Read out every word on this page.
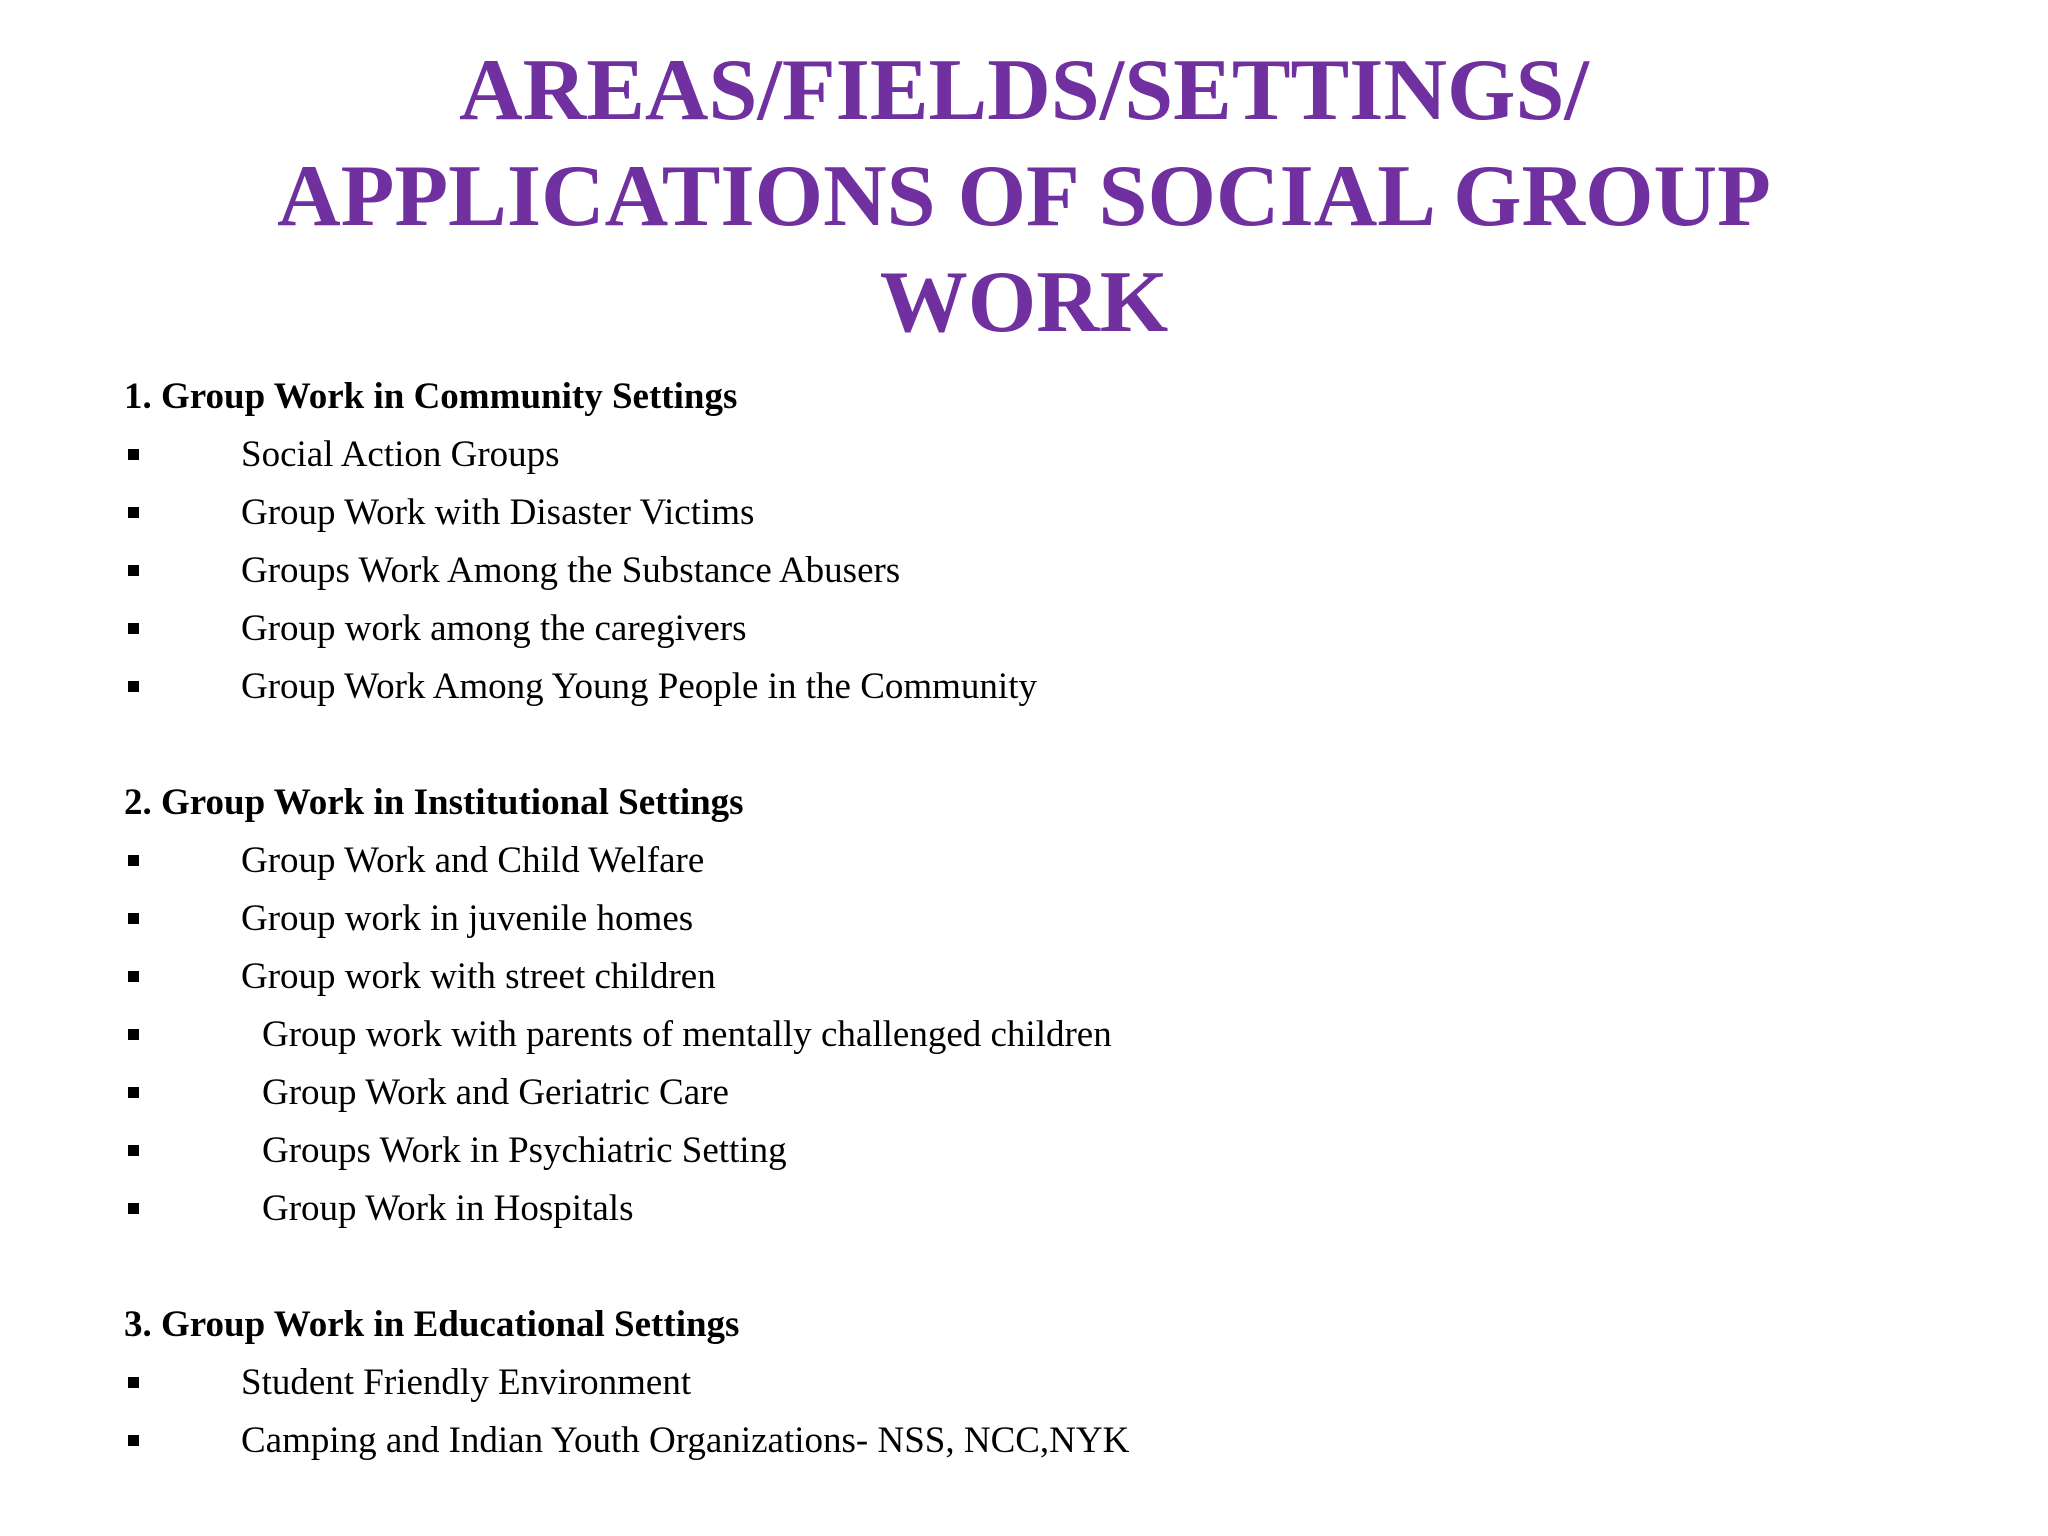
AREAS/FIELDS/SETTINGS/
APPLICATIONS OF SOCIAL GROUP
WORK

1. Group Work in Community Settings

Social Action Groups
Group Work with Disaster Victims
Groups Work Among the Substance Abusers
Group work among the caregivers
Group Work Among Young People in the Community

2. Group Work in Institutional Settings

Group Work and Child Welfare
Group work in juvenile homes
Group work with street children
Group work with parents of mentally challenged children
Group Work and Geriatric Care
Groups Work in Psychiatric Setting
Group Work in Hospitals

3. Group Work in Educational Settings

Student Friendly Environment
Camping and Indian Youth Organizations- NSS, NCC,NYK
